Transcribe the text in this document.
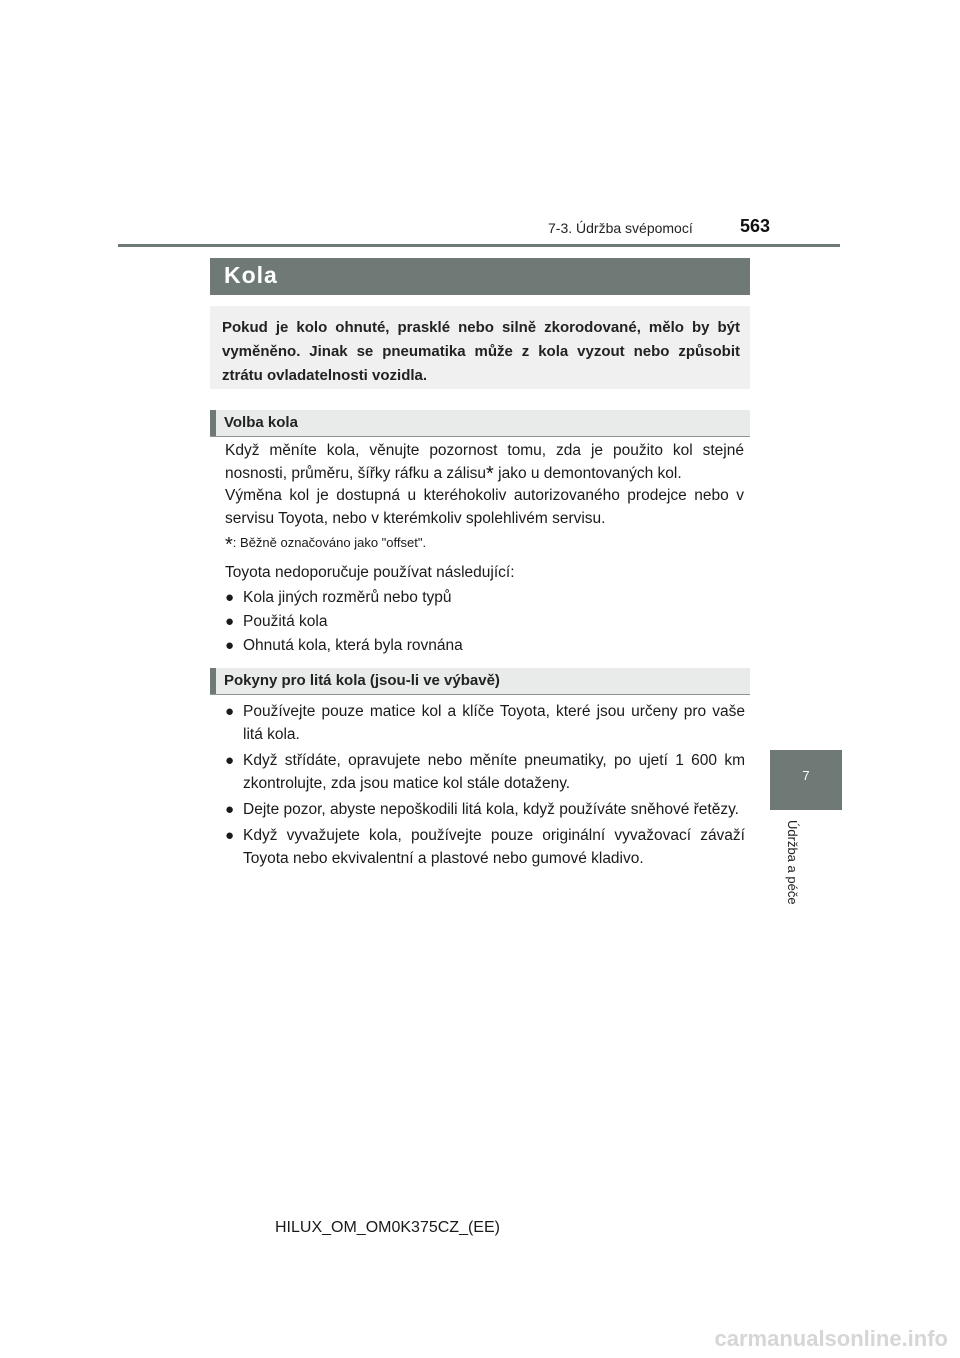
7-3. Údržba svépomocí	563
7
Údržba a péče
Kola
Pokud je kolo ohnuté, prasklé nebo silně zkorodované, mělo by být vyměněno. Jinak se pneumatika může z kola vyzout nebo způsobit ztrátu ovladatelnosti vozidla.
Volba kola
Když měníte kola, věnujte pozornost tomu, zda je použito kol stejné nosnosti, průměru, šířky ráfku a zálisu* jako u demontovaných kol.
Výměna kol je dostupná u kteréhokoliv autorizovaného prodejce nebo v servisu Toyota, nebo v kterémkoliv spolehlivém servisu.
*: Běžně označováno jako "offset".
Toyota nedoporučuje používat následující:
● Kola jiných rozměrů nebo typů
● Použitá kola
● Ohnutá kola, která byla rovnána
Pokyny pro litá kola (jsou-li ve výbavě)
● Používejte pouze matice kol a klíče Toyota, které jsou určeny pro vaše litá kola.
● Když střídáte, opravujete nebo měníte pneumatiky, po ujetí 1 600 km zkontrolujte, zda jsou matice kol stále dotaženy.
● Dejte pozor, abyste nepoškodili litá kola, když používáte sněhové řetězy.
● Když vyvažujete kola, používejte pouze originální vyvažovací závaží Toyota nebo ekvivalentní a plastové nebo gumové kladivo.
HILUX_OM_OM0K375CZ_(EE)
carmanualsonline.info
